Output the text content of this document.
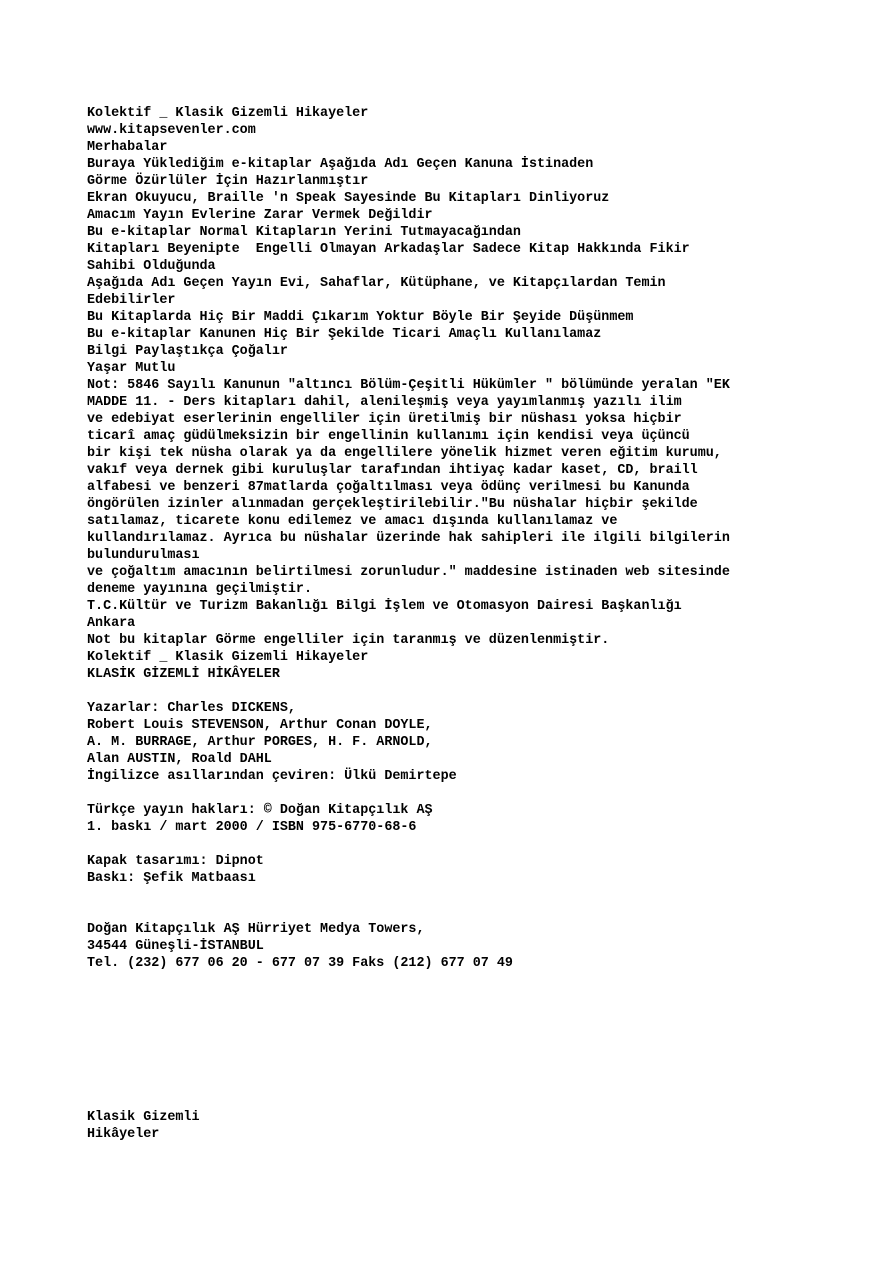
Kolektif _ Klasik Gizemli Hikayeler
www.kitapsevenler.com
Merhabalar
Buraya Yüklediğim e-kitaplar Aşağıda Adı Geçen Kanuna İstinaden
Görme Özürlüler İçin Hazırlanmıştır
Ekran Okuyucu, Braille 'n Speak Sayesinde Bu Kitapları Dinliyoruz
Amacım Yayın Evlerine Zarar Vermek Değildir
Bu e-kitaplar Normal Kitapların Yerini Tutmayacağından
Kitapları Beyenipte  Engelli Olmayan Arkadaşlar Sadece Kitap Hakkında Fikir
Sahibi Olduğunda
Aşağıda Adı Geçen Yayın Evi, Sahaflar, Kütüphane, ve Kitapçılardan Temin
Edebilirler
Bu Kitaplarda Hiç Bir Maddi Çıkarım Yoktur Böyle Bir Şeyide Düşünmem
Bu e-kitaplar Kanunen Hiç Bir Şekilde Ticari Amaçlı Kullanılamaz
Bilgi Paylaştıkça Çoğalır
Yaşar Mutlu
Not: 5846 Sayılı Kanunun "altıncı Bölüm-Çeşitli Hükümler " bölümünde yeralan "EK
MADDE 11. - Ders kitapları dahil, alenileşmiş veya yayımlanmış yazılı ilim
ve edebiyat eserlerinin engelliler için üretilmiş bir nüshası yoksa hiçbir
ticarî amaç güdülmeksizin bir engellinin kullanımı için kendisi veya üçüncü
bir kişi tek nüsha olarak ya da engellilere yönelik hizmet veren eğitim kurumu,
vakıf veya dernek gibi kuruluşlar tarafından ihtiyaç kadar kaset, CD, braill
alfabesi ve benzeri 87matlarda çoğaltılması veya ödünç verilmesi bu Kanunda
öngörülen izinler alınmadan gerçekleştirilebilir."Bu nüshalar hiçbir şekilde
satılamaz, ticarete konu edilemez ve amacı dışında kullanılamaz ve
kullandırılamaz. Ayrıca bu nüshalar üzerinde hak sahipleri ile ilgili bilgilerin
bulundurulması
ve çoğaltım amacının belirtilmesi zorunludur." maddesine istinaden web sitesinde
deneme yayınına geçilmiştir.
T.C.Kültür ve Turizm Bakanlığı Bilgi İşlem ve Otomasyon Dairesi Başkanlığı
Ankara
Not bu kitaplar Görme engelliler için taranmış ve düzenlenmiştir.
Kolektif _ Klasik Gizemli Hikayeler
KLASİK GİZEMLİ HİKÂYELER
Yazarlar: Charles DICKENS,
Robert Louis STEVENSON, Arthur Conan DOYLE,
A. M. BURRAGE, Arthur PORGES, H. F. ARNOLD,
Alan AUSTIN, Roald DAHL
İngilizce asıllarından çeviren: Ülkü Demirtepe
Türkçe yayın hakları: © Doğan Kitapçılık AŞ
1. baskı / mart 2000 / ISBN 975-6770-68-6
Kapak tasarımı: Dipnot
Baskı: Şefik Matbaası
Doğan Kitapçılık AŞ Hürriyet Medya Towers,
34544 Güneşli-İSTANBUL
Tel. (232) 677 06 20 - 677 07 39 Faks (212) 677 07 49
Klasik Gizemli
Hikâyeler
